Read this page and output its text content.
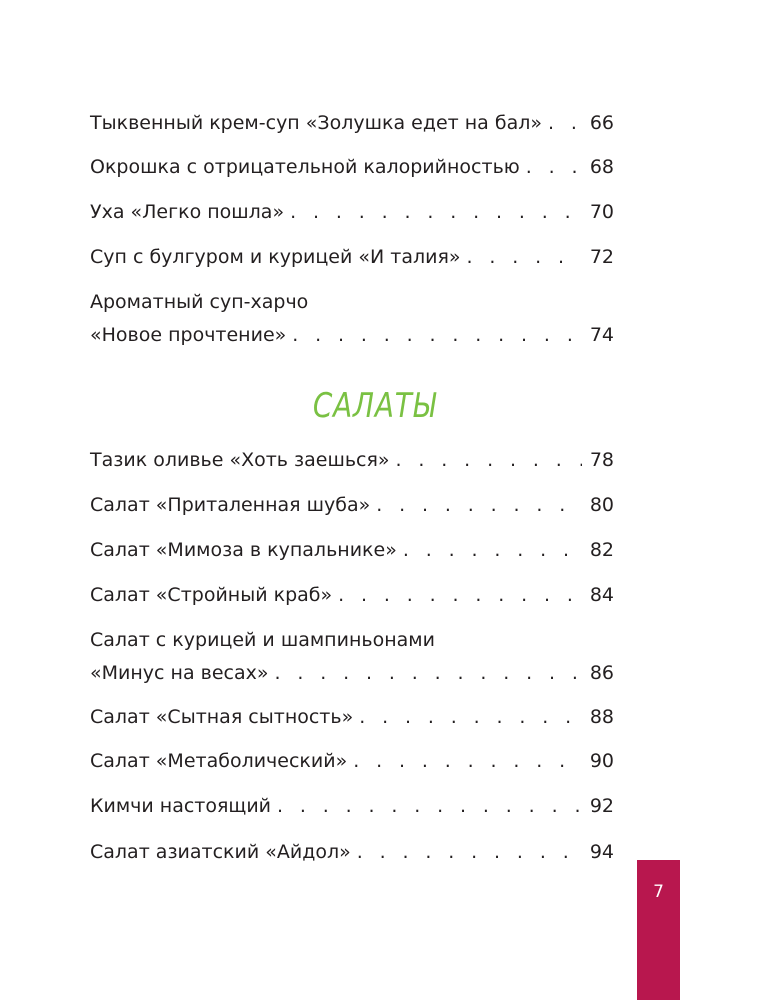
Тыквенный крем-суп «Золушка едет на бал» . . .	66
Окрошка с отрицательной калорийностью . . .	68
Уха «Легко пошла» . . .	70
Суп с булгуром и курицей «И талия» . . .	72
Ароматный суп-харчо
«Новое прочтение» . . .	74
САЛАТЫ
Тазик оливье «Хоть заешься» . . .	78
Салат «Приталенная шуба» . . .	80
Салат «Мимоза в купальнике» . . .	82
Салат «Стройный краб» . . .	84
Салат с курицей и шампиньонами
«Минус на весах» . . .	86
Салат «Сытная сытность» . . .	88
Салат «Метаболический» . . .	90
Кимчи настоящий . . .	92
Салат азиатский «Айдол» . . .	94
7
